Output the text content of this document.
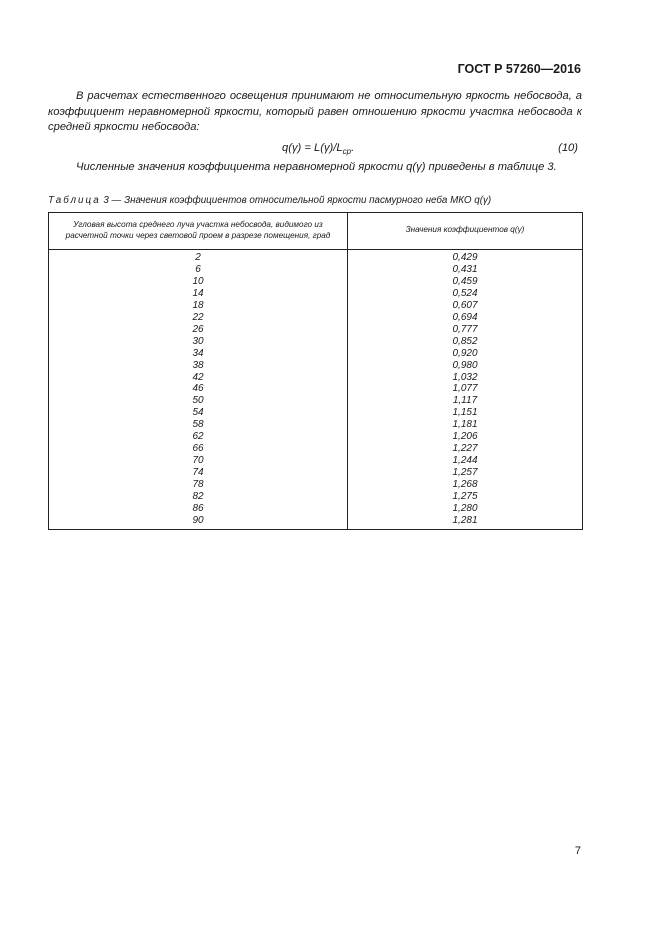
ГОСТ Р 57260—2016
В расчетах естественного освещения принимают не относительную яркость небосвода, а коэффициент неравномерной яркости, который равен отношению яркости участка небосвода к средней яркости небосвода:
$q(\gamma) = L(\gamma)/L_{ср}$.	(10)
Численные значения коэффициента неравномерной яркости q(γ) приведены в таблице 3.
Таблица 3 — Значения коэффициентов относительной яркости пасмурного неба МКО q(γ)
Угловая высота среднего луча участка небосвода, видимого из расчетной точки через световой проем в разрезе помещения, град	Значения коэффициентов q(γ)
2	0,429
6	0,431
10	0,459
14	0,524
18	0,607
22	0,694
26	0,777
30	0,852
34	0,920
38	0,980
42	1,032
46	1,077
50	1,117
54	1,151
58	1,181
62	1,206
66	1,227
70	1,244
74	1,257
78	1,268
82	1,275
86	1,280
90	1,281
7
